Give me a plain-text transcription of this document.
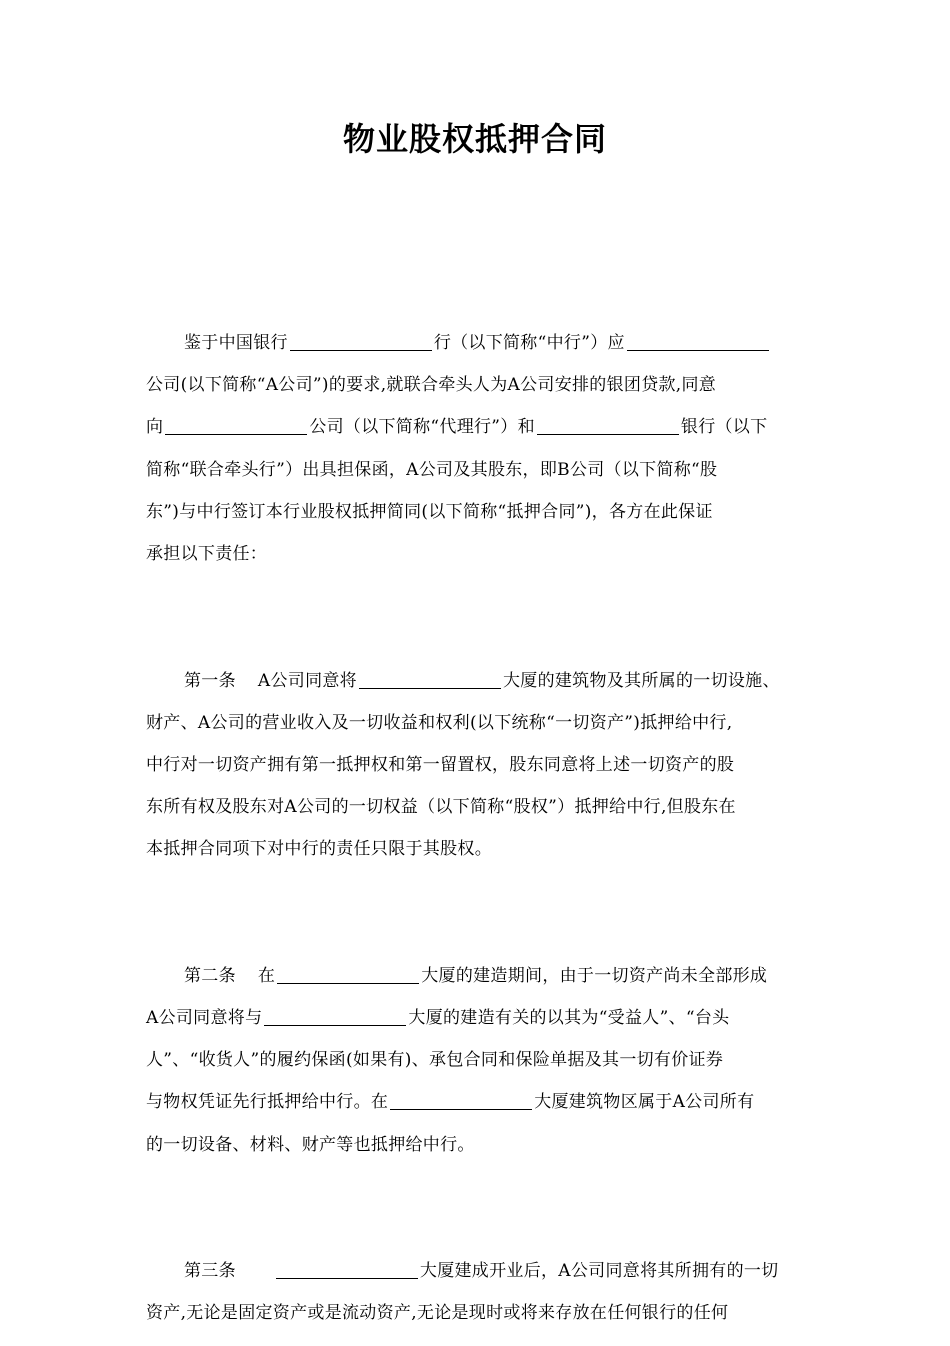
物业股权抵押合同
鉴于中国银行	行（以下简称“中行”）应
公司(以下简称“A公司”)的要求,就联合牵头人为A公司安排的银团贷款,同意
向	公司（以下简称“代理行”）和	银行（以下
简称“联合牵头行”）出具担保函，A公司及其股东，即B公司（以下简称“股
东”)与中行签订本行业股权抵押简同(以下简称“抵押合同”)，各方在此保证
承担以下责任：
第一条 A公司同意将	大厦的建筑物及其所属的一切设施、
财产、A公司的营业收入及一切收益和权利(以下统称“一切资产”)抵押给中行,
中行对一切资产拥有第一抵押权和第一留置权，股东同意将上述一切资产的股
东所有权及股东对A公司的一切权益（以下简称“股权”）抵押给中行,但股东在
本抵押合同项下对中行的责任只限于其股权。
第二条 在	大厦的建造期间，由于一切资产尚未全部形成
A公司同意将与	大厦的建造有关的以其为“受益人”、“台头
人”、“收货人”的履约保函(如果有)、承包合同和保险单据及其一切有价证券
与物权凭证先行抵押给中行。在	大厦建筑物区属于A公司所有
的一切设备、材料、财产等也抵押给中行。
第三条	大厦建成开业后，A公司同意将其所拥有的一切
资产,无论是固定资产或是流动资产,无论是现时或将来存放在任何银行的任何
